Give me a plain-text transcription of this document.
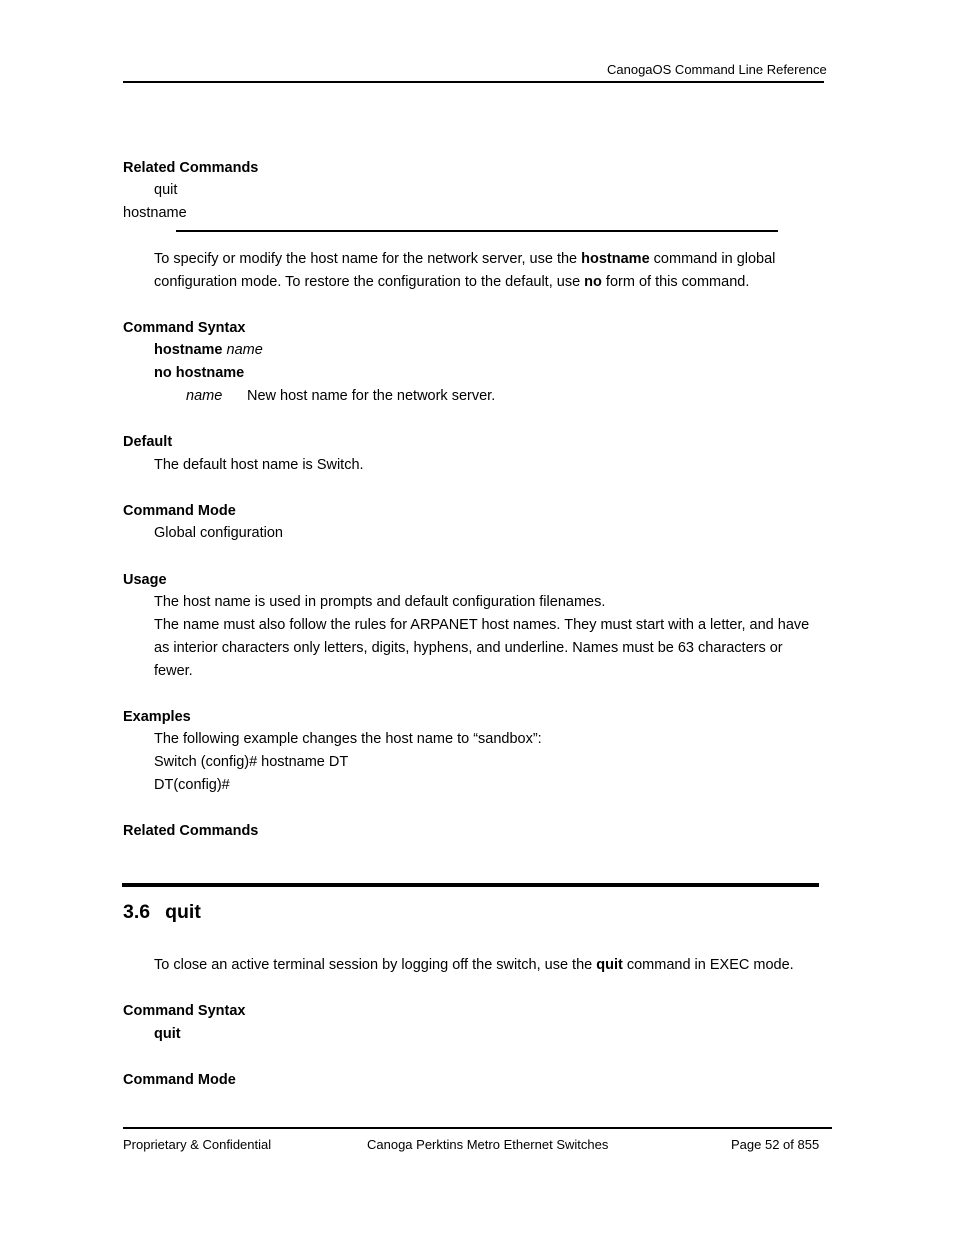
CanogaOS Command Line Reference
Related Commands
quit
hostname
To specify or modify the host name for the network server, use the hostname command in global
configuration mode. To restore the configuration to the default, use no form of this command.
Command Syntax
hostname name
no hostname
name New host name for the network server.
Default
The default host name is Switch.
Command Mode
Global configuration
Usage
The host name is used in prompts and default configuration filenames.
The name must also follow the rules for ARPANET host names. They must start with a letter, and have
as interior characters only letters, digits, hyphens, and underline. Names must be 63 characters or
fewer.
Examples
The following example changes the host name to “sandbox”:
Switch (config)# hostname DT
DT(config)#
Related Commands
3.6 quit
To close an active terminal session by logging off the switch, use the quit command in EXEC mode.
Command Syntax
quit
Command Mode
Proprietary & Confidential	Canoga Perktins Metro Ethernet Switches	Page 52 of 855
